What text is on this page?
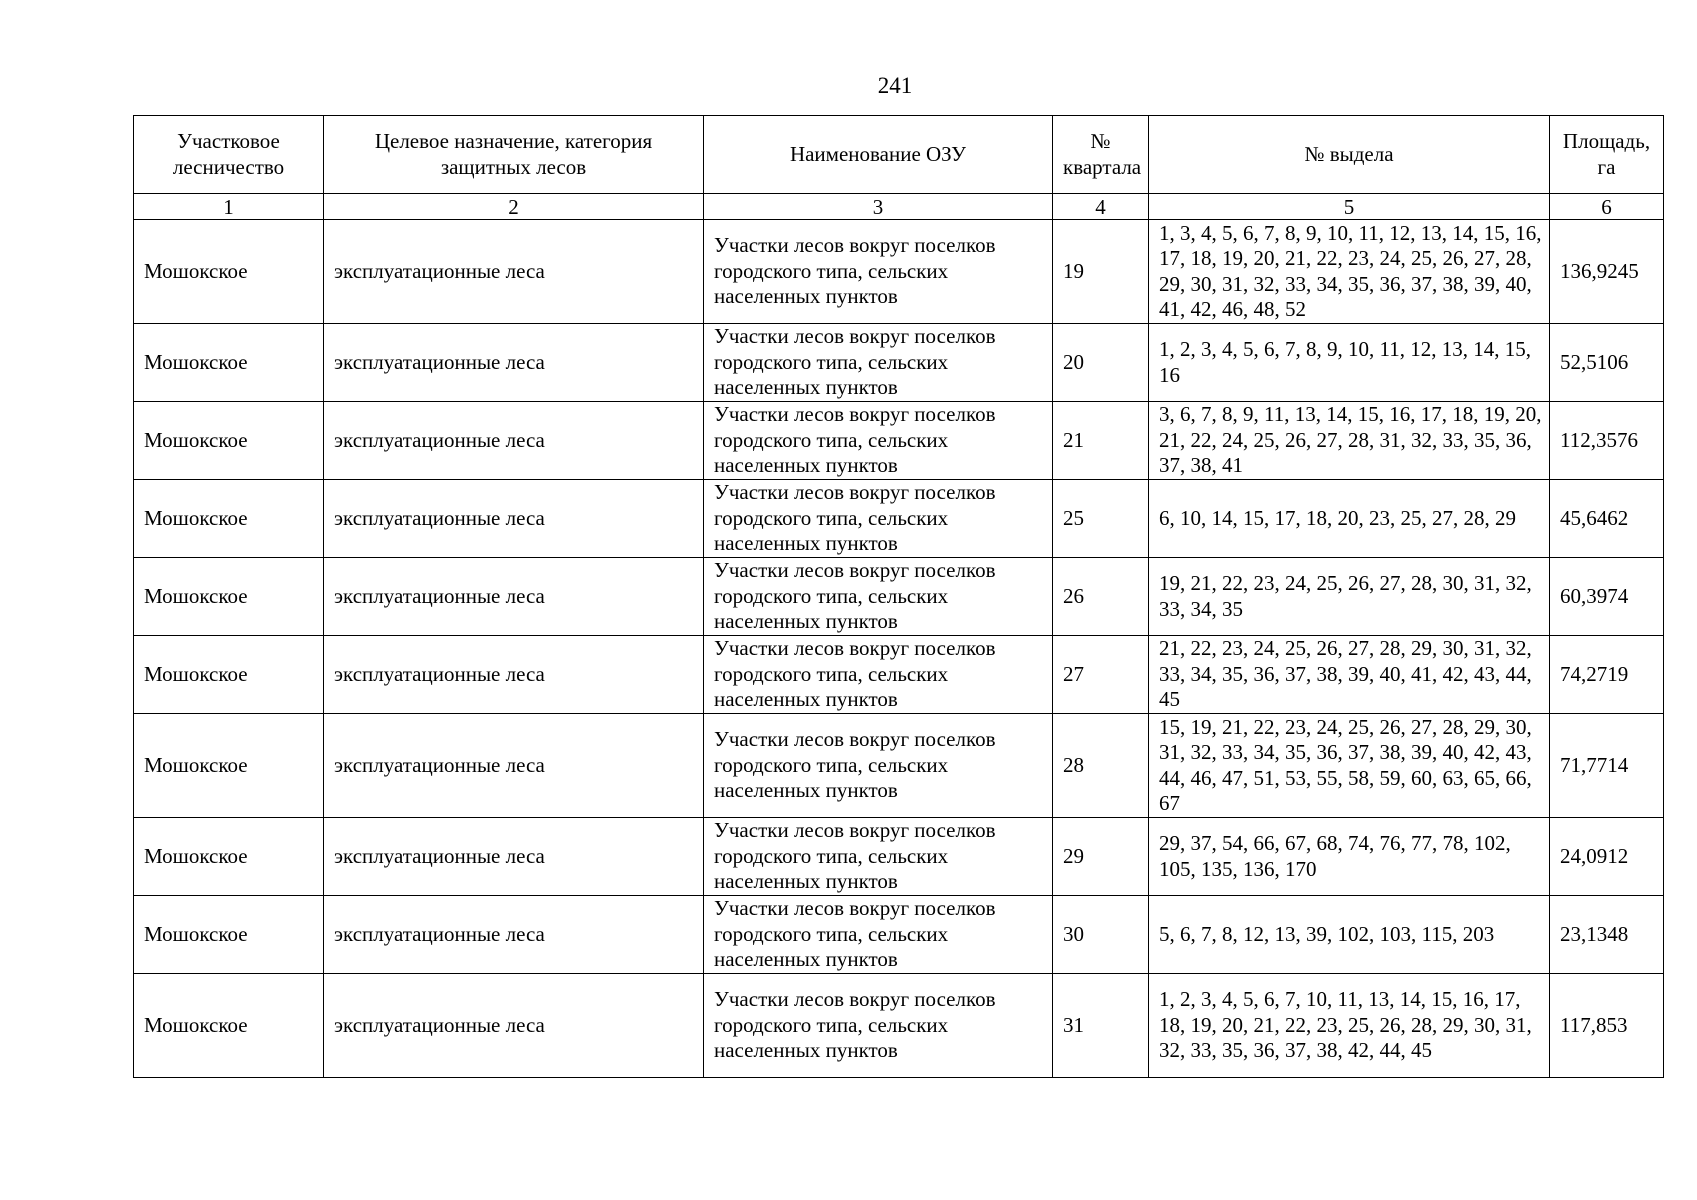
241
Участковое лесничество	Целевое назначение, категория защитных лесов	Наименование ОЗУ	№ квартала	№ выдела	Площадь, га
1	2	3	4	5	6
Мошокское	эксплуатационные леса	Участки лесов вокруг поселков городского типа, сельских населенных пунктов	19	1, 3, 4, 5, 6, 7, 8, 9, 10, 11, 12, 13, 14, 15, 16, 17, 18, 19, 20, 21, 22, 23, 24, 25, 26, 27, 28, 29, 30, 31, 32, 33, 34, 35, 36, 37, 38, 39, 40, 41, 42, 46, 48, 52	136,9245
Мошокское	эксплуатационные леса	Участки лесов вокруг поселков городского типа, сельских населенных пунктов	20	1, 2, 3, 4, 5, 6, 7, 8, 9, 10, 11, 12, 13, 14, 15, 16	52,5106
Мошокское	эксплуатационные леса	Участки лесов вокруг поселков городского типа, сельских населенных пунктов	21	3, 6, 7, 8, 9, 11, 13, 14, 15, 16, 17, 18, 19, 20, 21, 22, 24, 25, 26, 27, 28, 31, 32, 33, 35, 36, 37, 38, 41	112,3576
Мошокское	эксплуатационные леса	Участки лесов вокруг поселков городского типа, сельских населенных пунктов	25	6, 10, 14, 15, 17, 18, 20, 23, 25, 27, 28, 29	45,6462
Мошокское	эксплуатационные леса	Участки лесов вокруг поселков городского типа, сельских населенных пунктов	26	19, 21, 22, 23, 24, 25, 26, 27, 28, 30, 31, 32, 33, 34, 35	60,3974
Мошокское	эксплуатационные леса	Участки лесов вокруг поселков городского типа, сельских населенных пунктов	27	21, 22, 23, 24, 25, 26, 27, 28, 29, 30, 31, 32, 33, 34, 35, 36, 37, 38, 39, 40, 41, 42, 43, 44, 45	74,2719
Мошокское	эксплуатационные леса	Участки лесов вокруг поселков городского типа, сельских населенных пунктов	28	15, 19, 21, 22, 23, 24, 25, 26, 27, 28, 29, 30, 31, 32, 33, 34, 35, 36, 37, 38, 39, 40, 42, 43, 44, 46, 47, 51, 53, 55, 58, 59, 60, 63, 65, 66, 67	71,7714
Мошокское	эксплуатационные леса	Участки лесов вокруг поселков городского типа, сельских населенных пунктов	29	29, 37, 54, 66, 67, 68, 74, 76, 77, 78, 102, 105, 135, 136, 170	24,0912
Мошокское	эксплуатационные леса	Участки лесов вокруг поселков городского типа, сельских населенных пунктов	30	5, 6, 7, 8, 12, 13, 39, 102, 103, 115, 203	23,1348
Мошокское	эксплуатационные леса	Участки лесов вокруг поселков городского типа, сельских населенных пунктов	31	1, 2, 3, 4, 5, 6, 7, 10, 11, 13, 14, 15, 16, 17, 18, 19, 20, 21, 22, 23, 25, 26, 28, 29, 30, 31, 32, 33, 35, 36, 37, 38, 42, 44, 45	117,853
